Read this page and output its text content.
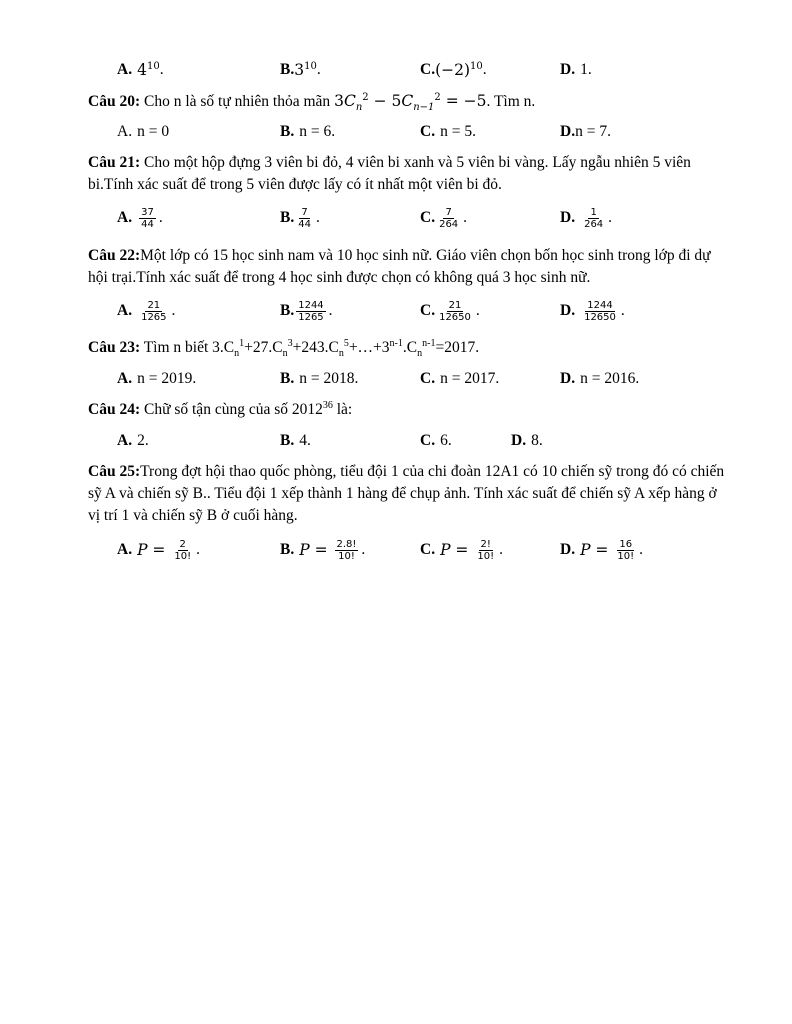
A. $4^{10}$ .	B. $3^{10}$ .	C. $(-2)^{10}$ .	D. 1.
Câu 20: Cho n là số tự nhiên thỏa mãn $3C_n^2 - 5C_{n-1}^2 = -5$. Tìm n.
A. n = 0	B. n = 6.	C. n = 5.	D. n = 7.
Câu 21: Cho một hộp đựng 3 viên bi đỏ, 4 viên bi xanh và 5 viên bi vàng. Lấy ngẫu nhiên 5 viên bi.Tính xác suất để trong 5 viên được lấy có ít nhất một viên bi đỏ.
A. $\frac{37}{44}$ .	B. $\frac{7}{44}$ .	C. $\frac{7}{264}$ .	D. $\frac{1}{264}$ .
Câu 22:Một lớp có 15 học sinh nam và 10 học sinh nữ. Giáo viên chọn bốn học sinh trong lớp đi dự hội trại.Tính xác suất để trong 4 học sinh được chọn có không quá 3 học sinh nữ.
A. $\frac{21}{1265}$ .	B. $\frac{1244}{1265}$ .	C. $\frac{21}{12650}$ .	D. $\frac{1244}{12650}$ .
Câu 23: Tìm n biết $3.C_n^1+27.C_n^3+243.C_n^5+\dots+3^{n-1}.C_n^{n-1}=2017$.
A. n = 2019.	B. n = 2018.	C. n = 2017.	D. n = 2016.
Câu 24: Chữ số tận cùng của số 2012$^{36}$ là:
A. 2.	B. 4.	C. 6.	D. 8.
Câu 25:Trong đợt hội thao quốc phòng, tiểu đội 1 của chi đoàn 12A1 có 10 chiến sỹ trong đó có chiến sỹ A và chiến sỹ B.. Tiểu đội 1 xếp thành 1 hàng để chụp ảnh. Tính xác suất để chiến sỹ A xếp hàng ở vị trí 1 và chiến sỹ B ở cuối hàng.
A. $P = \frac{2}{10!}$ .	B. $P = \frac{2.8!}{10!}$ .	C. $P = \frac{2!}{10!}$ .	D. $P = \frac{16}{10!}$ .
